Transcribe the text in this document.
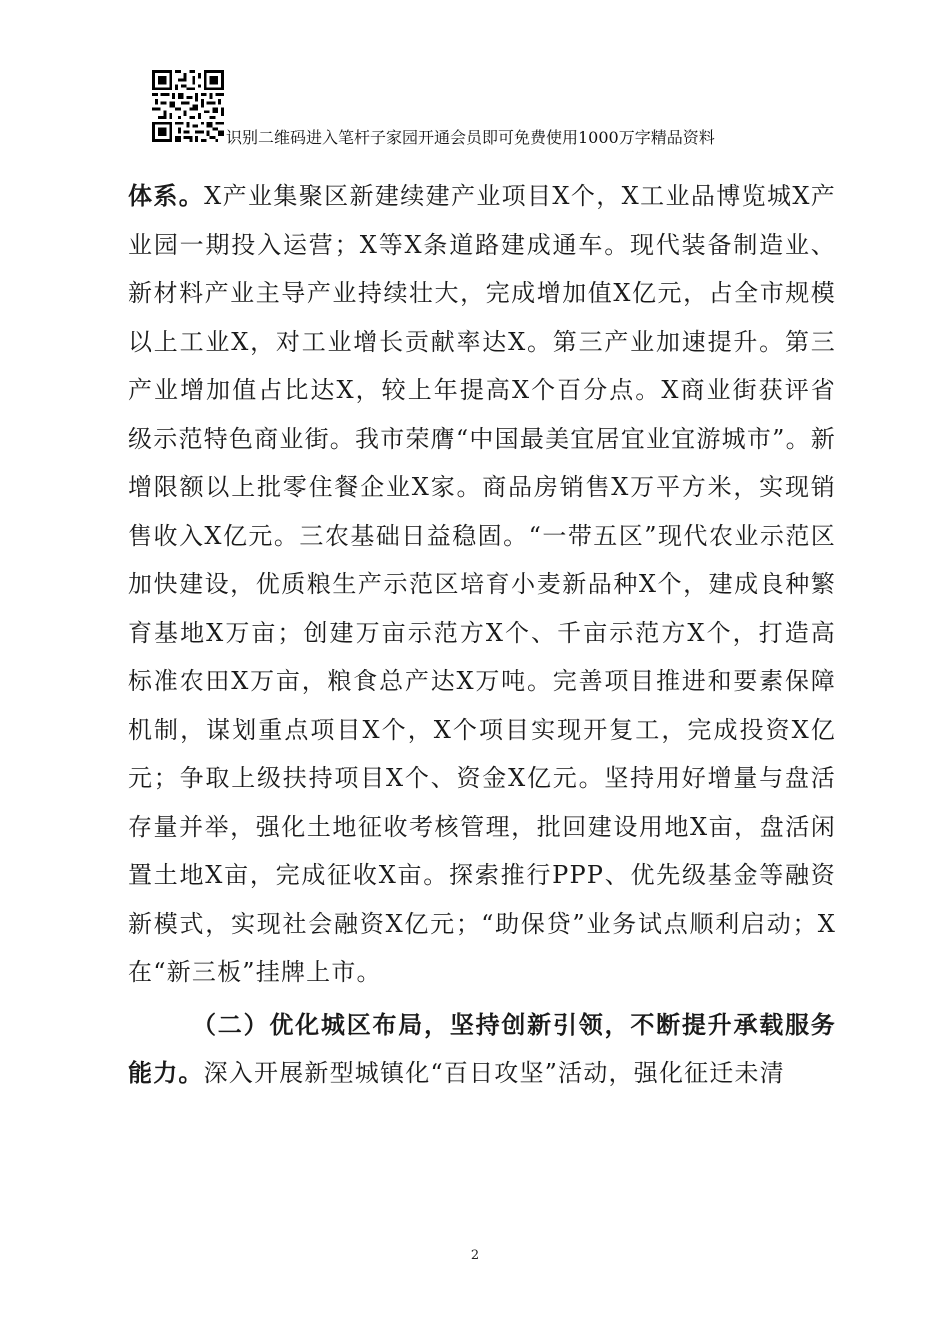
识别二维码进入笔杆子家园开通会员即可免费使用1000万字精品资料

体系。X产业集聚区新建续建产业项目X个，X工业品博览城X产业园一期投入运营；X等X条道路建成通车。现代装备制造业、新材料产业主导产业持续壮大，完成增加值X亿元，占全市规模以上工业X，对工业增长贡献率达X。第三产业加速提升。第三产业增加值占比达X，较上年提高X个百分点。X商业街获评省级示范特色商业街。我市荣膺“中国最美宜居宜业宜游城市”。新增限额以上批零住餐企业X家。商品房销售X万平方米，实现销售收入X亿元。三农基础日益稳固。“一带五区”现代农业示范区加快建设，优质粮生产示范区培育小麦新品种X个，建成良种繁育基地X万亩；创建万亩示范方X个、千亩示范方X个，打造高标准农田X万亩，粮食总产达X万吨。完善项目推进和要素保障机制，谋划重点项目X个，X个项目实现开复工，完成投资X亿元；争取上级扶持项目X个、资金X亿元。坚持用好增量与盘活存量并举，强化土地征收考核管理，批回建设用地X亩，盘活闲置土地X亩，完成征收X亩。探索推行PPP、优先级基金等融资新模式，实现社会融资X亿元；“助保贷”业务试点顺利启动；X在“新三板”挂牌上市。

（二）优化城区布局，坚持创新引领，不断提升承载服务能力。深入开展新型城镇化“百日攻坚”活动，强化征迁未清

2
